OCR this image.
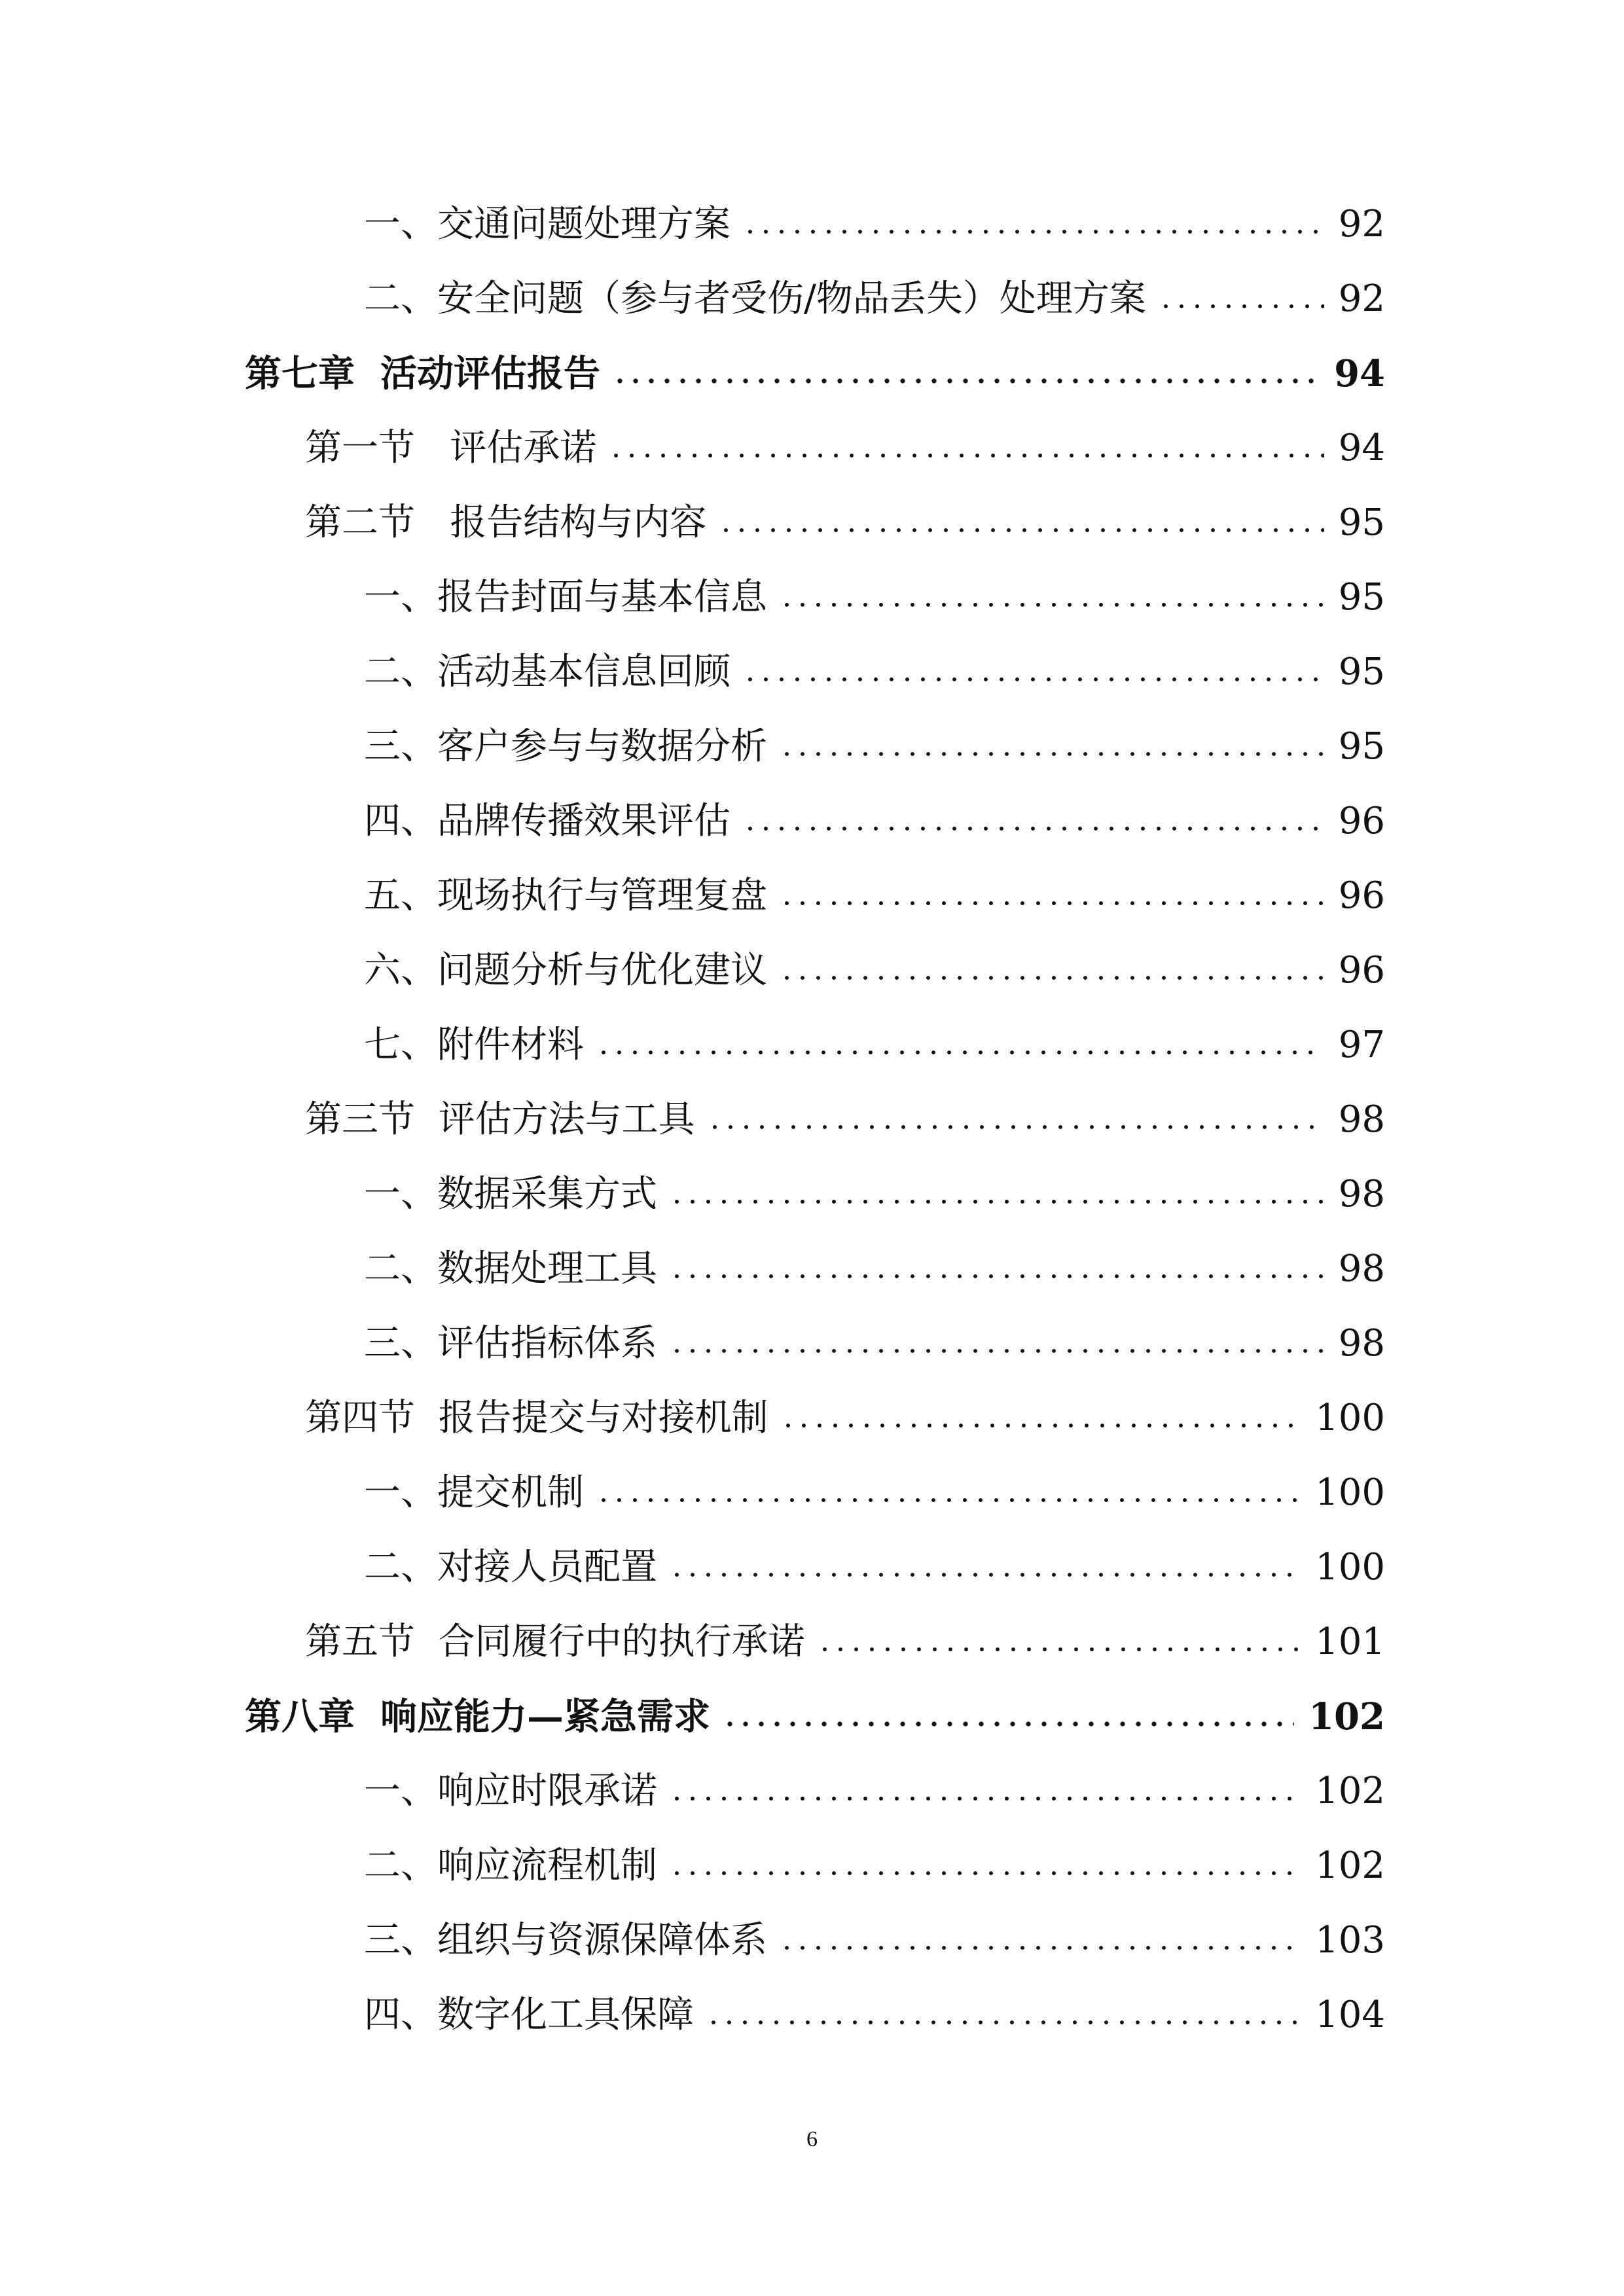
一、交通问题处理方案	92
二、安全问题（参与者受伤/物品丢失）处理方案	92
第七章  活动评估报告	94
第一节   评估承诺	94
第二节   报告结构与内容	95
一、报告封面与基本信息	95
二、活动基本信息回顾	95
三、客户参与与数据分析	95
四、品牌传播效果评估	96
五、现场执行与管理复盘	96
六、问题分析与优化建议	96
七、附件材料	97
第三节  评估方法与工具	98
一、数据采集方式	98
二、数据处理工具	98
三、评估指标体系	98
第四节  报告提交与对接机制	100
一、提交机制	100
二、对接人员配置	100
第五节  合同履行中的执行承诺	101
第八章  响应能力—紧急需求	102
一、响应时限承诺	102
二、响应流程机制	102
三、组织与资源保障体系	103
四、数字化工具保障	104
6
